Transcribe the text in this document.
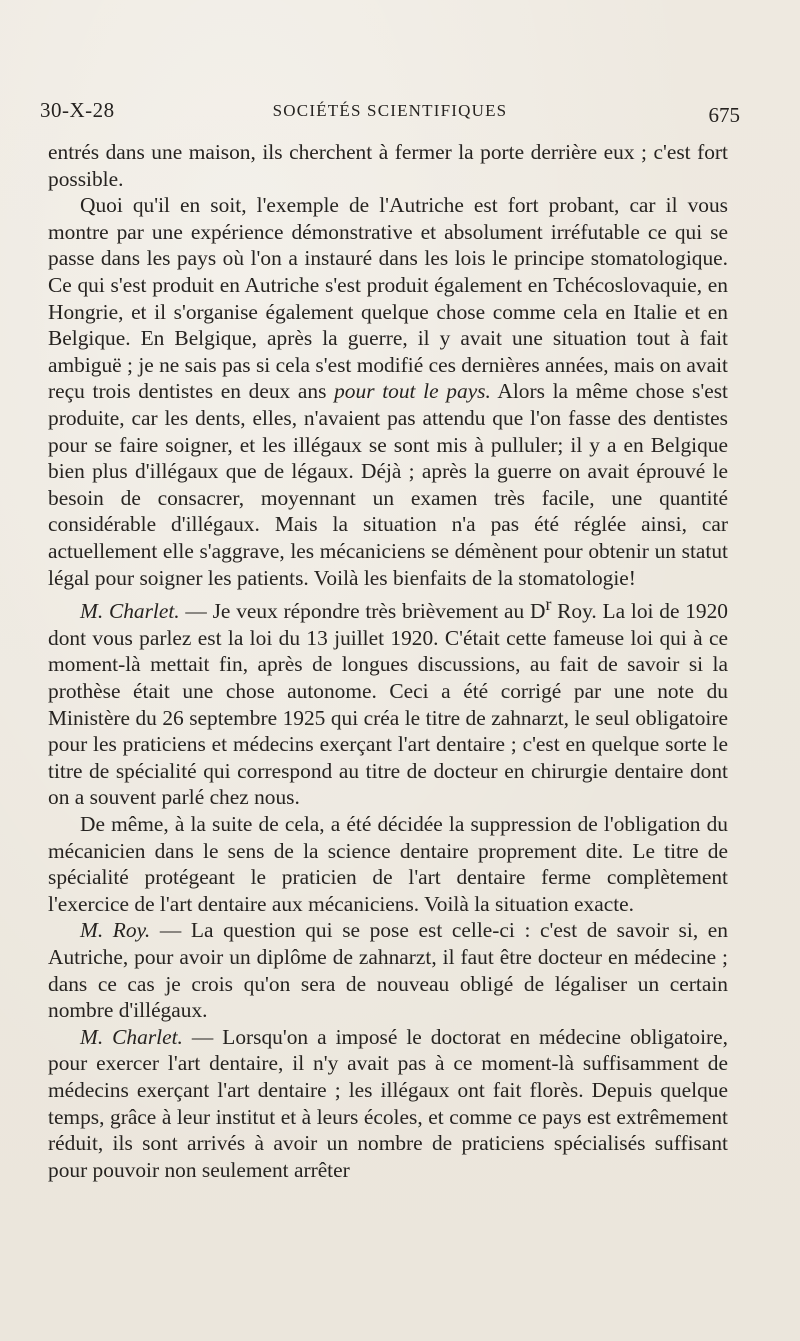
30-X-28	SOCIÉTÉS SCIENTIFIQUES	675

entrés dans une maison, ils cherchent à fermer la porte derrière eux ; c'est fort possible.

Quoi qu'il en soit, l'exemple de l'Autriche est fort probant, car il vous montre par une expérience démonstrative et absolument irréfutable ce qui se passe dans les pays où l'on a instauré dans les lois le principe stomatologique. Ce qui s'est produit en Autriche s'est produit également en Tchécoslovaquie, en Hongrie, et il s'organise également quelque chose comme cela en Italie et en Belgique. En Belgique, après la guerre, il y avait une situation tout à fait ambiguë ; je ne sais pas si cela s'est modifié ces dernières années, mais on avait reçu trois dentistes en deux ans pour tout le pays. Alors la même chose s'est produite, car les dents, elles, n'avaient pas attendu que l'on fasse des dentistes pour se faire soigner, et les illégaux se sont mis à pulluler; il y a en Belgique bien plus d'illégaux que de légaux. Déjà ; après la guerre on avait éprouvé le besoin de consacrer, moyennant un examen très facile, une quantité considérable d'illégaux. Mais la situation n'a pas été réglée ainsi, car actuellement elle s'aggrave, les mécaniciens se démènent pour obtenir un statut légal pour soigner les patients. Voilà les bienfaits de la stomatologie!

M. Charlet. — Je veux répondre très brièvement au $D^r$ Roy. La loi de 1920 dont vous parlez est la loi du 13 juillet 1920. C'était cette fameuse loi qui à ce moment-là mettait fin, après de longues discussions, au fait de savoir si la prothèse était une chose autonome. Ceci a été corrigé par une note du Ministère du 26 septembre 1925 qui créa le titre de zahnarzt, le seul obligatoire pour les praticiens et médecins exerçant l'art dentaire ; c'est en quelque sorte le titre de spécialité qui correspond au titre de docteur en chirurgie dentaire dont on a souvent parlé chez nous.

De même, à la suite de cela, a été décidée la suppression de l'obligation du mécanicien dans le sens de la science dentaire proprement dite. Le titre de spécialité protégeant le praticien de l'art dentaire ferme complètement l'exercice de l'art dentaire aux mécaniciens. Voilà la situation exacte.

M. Roy. — La question qui se pose est celle-ci : c'est de savoir si, en Autriche, pour avoir un diplôme de zahnarzt, il faut être docteur en médecine ; dans ce cas je crois qu'on sera de nouveau obligé de légaliser un certain nombre d'illégaux.

M. Charlet. — Lorsqu'on a imposé le doctorat en médecine obligatoire, pour exercer l'art dentaire, il n'y avait pas à ce moment-là suffisamment de médecins exerçant l'art dentaire ; les illégaux ont fait florès. Depuis quelque temps, grâce à leur institut et à leurs écoles, et comme ce pays est extrêmement réduit, ils sont arrivés à avoir un nombre de praticiens spécialisés suffisant pour pouvoir non seulement arrêter
